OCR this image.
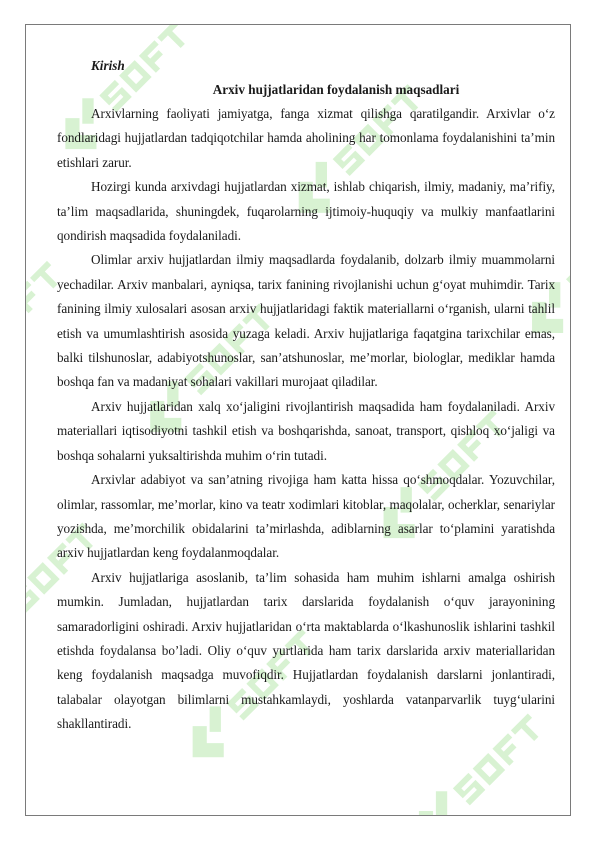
Kirish
Arxiv hujjatlaridan foydalanish maqsadlari

Arxivlarning faoliyati jamiyatga, fanga xizmat qilishga qaratilgandir. Arxivlar o‘z fondlaridagi hujjatlardan tadqiqotchilar hamda aholining har tomonlama foydalanishini ta’min etishlari zarur.

Hozirgi kunda arxivdagi hujjatlardan xizmat, ishlab chiqarish, ilmiy, madaniy, ma’rifiy, ta’lim maqsadlarida, shuningdek, fuqarolarning ijtimoiy-huquqiy va mulkiy manfaatlarini qondirish maqsadida foydalaniladi.

Olimlar arxiv hujjatlardan ilmiy maqsadlarda foydalanib, dolzarb ilmiy muammolarni yechadilar. Arxiv manbalari, ayniqsa, tarix fanining rivojlanishi uchun g‘oyat muhimdir. Tarix fanining ilmiy xulosalari asosan arxiv hujjatlaridagi faktik materiallarni o‘rganish, ularni tahlil etish va umumlashtirish asosida yuzaga keladi. Arxiv hujjatlariga faqatgina tarixchilar emas, balki tilshunoslar, adabiyotshunoslar, san’atshunoslar, me’morlar, biologlar, mediklar hamda boshqa fan va madaniyat sohalari vakillari murojaat qiladilar.

Arxiv hujjatlaridan xalq xo‘jaligini rivojlantirish maqsadida ham foydalaniladi. Arxiv materiallari iqtisodiyotni tashkil etish va boshqarishda, sanoat, transport, qishloq xo‘jaligi va boshqa sohalarni yuksaltirishda muhim o‘rin tutadi.

Arxivlar adabiyot va san’atning rivojiga ham katta hissa qo‘shmoqdalar. Yozuvchilar, olimlar, rassomlar, me’morlar, kino va teatr xodimlari kitoblar, maqolalar, ocherklar, senariylar yozishda, me’morchilik obidalarini ta’mirlashda, adiblarning asarlar to‘plamini yaratishda arxiv hujjatlardan keng foydalanmoqdalar.

Arxiv hujjatlariga asoslanib, ta’lim sohasida ham muhim ishlarni amalga oshirish mumkin. Jumladan, hujjatlardan tarix darslarida foydalanish o‘quv jarayonining samaradorligini oshiradi. Arxiv hujjatlaridan o‘rta maktablarda o‘lkashunoslik ishlarini tashkil etishda foydalansa bo’ladi. Oliy o‘quv yurtlarida ham tarix darslarida arxiv materiallaridan keng foydalanish maqsadga muvofiqdir. Hujjatlardan foydalanish darslarni jonlantiradi, talabalar olayotgan bilimlarni mustahkamlaydi, yoshlarda vatanparvarlik tuyg‘ularini shakllantiradi.
